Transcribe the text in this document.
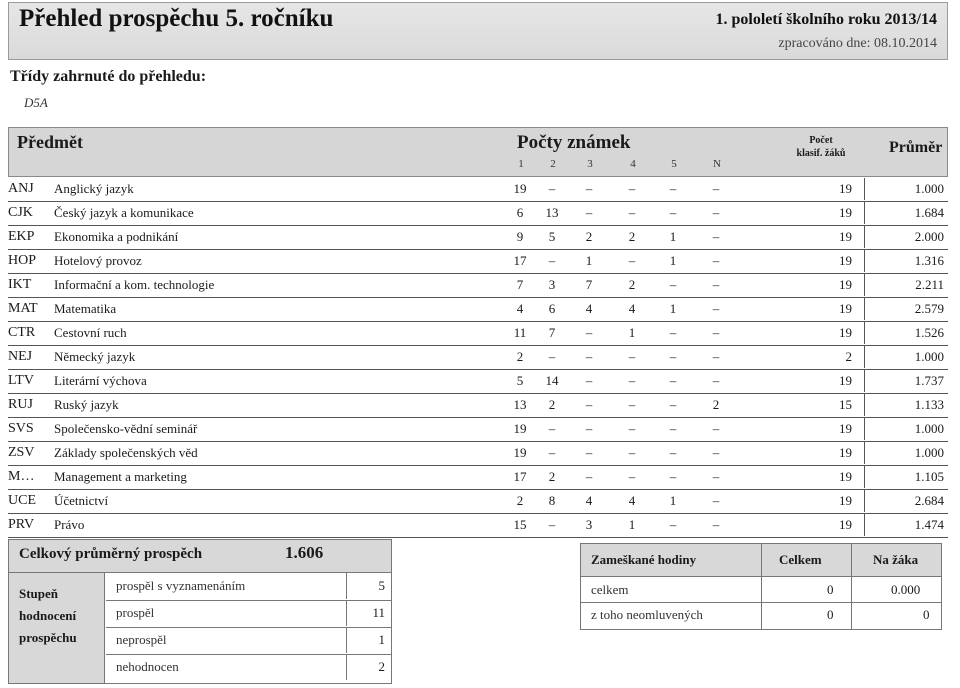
Přehled prospěchu 5. ročníku	1. pololetí školního roku 2013/14
zpracováno dne: 08.10.2014
Třídy zahrnuté do přehledu:
D5A
Předmět	Počty známek
1	2	3	4	5	N
Počet
klasif. žáků	Průměr
ANJ	Anglický jazyk	19	–	–	–	–	–	19	1.000
CJK	Český jazyk a komunikace	6	13	–	–	–	–	19	1.684
EKP	Ekonomika a podnikání	9	5	2	2	1	–	19	2.000
HOP	Hotelový provoz	17	–	1	–	1	–	19	1.316
IKT	Informační a kom. technologie	7	3	7	2	–	–	19	2.211
MAT	Matematika	4	6	4	4	1	–	19	2.579
CTR	Cestovní ruch	11	7	–	1	–	–	19	1.526
NEJ	Německý jazyk	2	–	–	–	–	–	2	1.000
LTV	Literární výchova	5	14	–	–	–	–	19	1.737
RUJ	Ruský jazyk	13	2	–	–	–	2	15	1.133
SVS	Společensko-vědní seminář	19	–	–	–	–	–	19	1.000
ZSV	Základy společenských věd	19	–	–	–	–	–	19	1.000
M…	Management a marketing	17	2	–	–	–	–	19	1.105
UCE	Účetnictví	2	8	4	4	1	–	19	2.684
PRV	Právo	15	–	3	1	–	–	19	1.474
Celkový průměrný prospěch	1.606
Stupeň
hodnocení
prospěchu
prospěl s vyznamenáním	5
prospěl	11
neprospěl	1
nehodnocen	2
Zameškané hodiny	Celkem	Na žáka
celkem	0	0.000
z toho neomluvených	0	0
